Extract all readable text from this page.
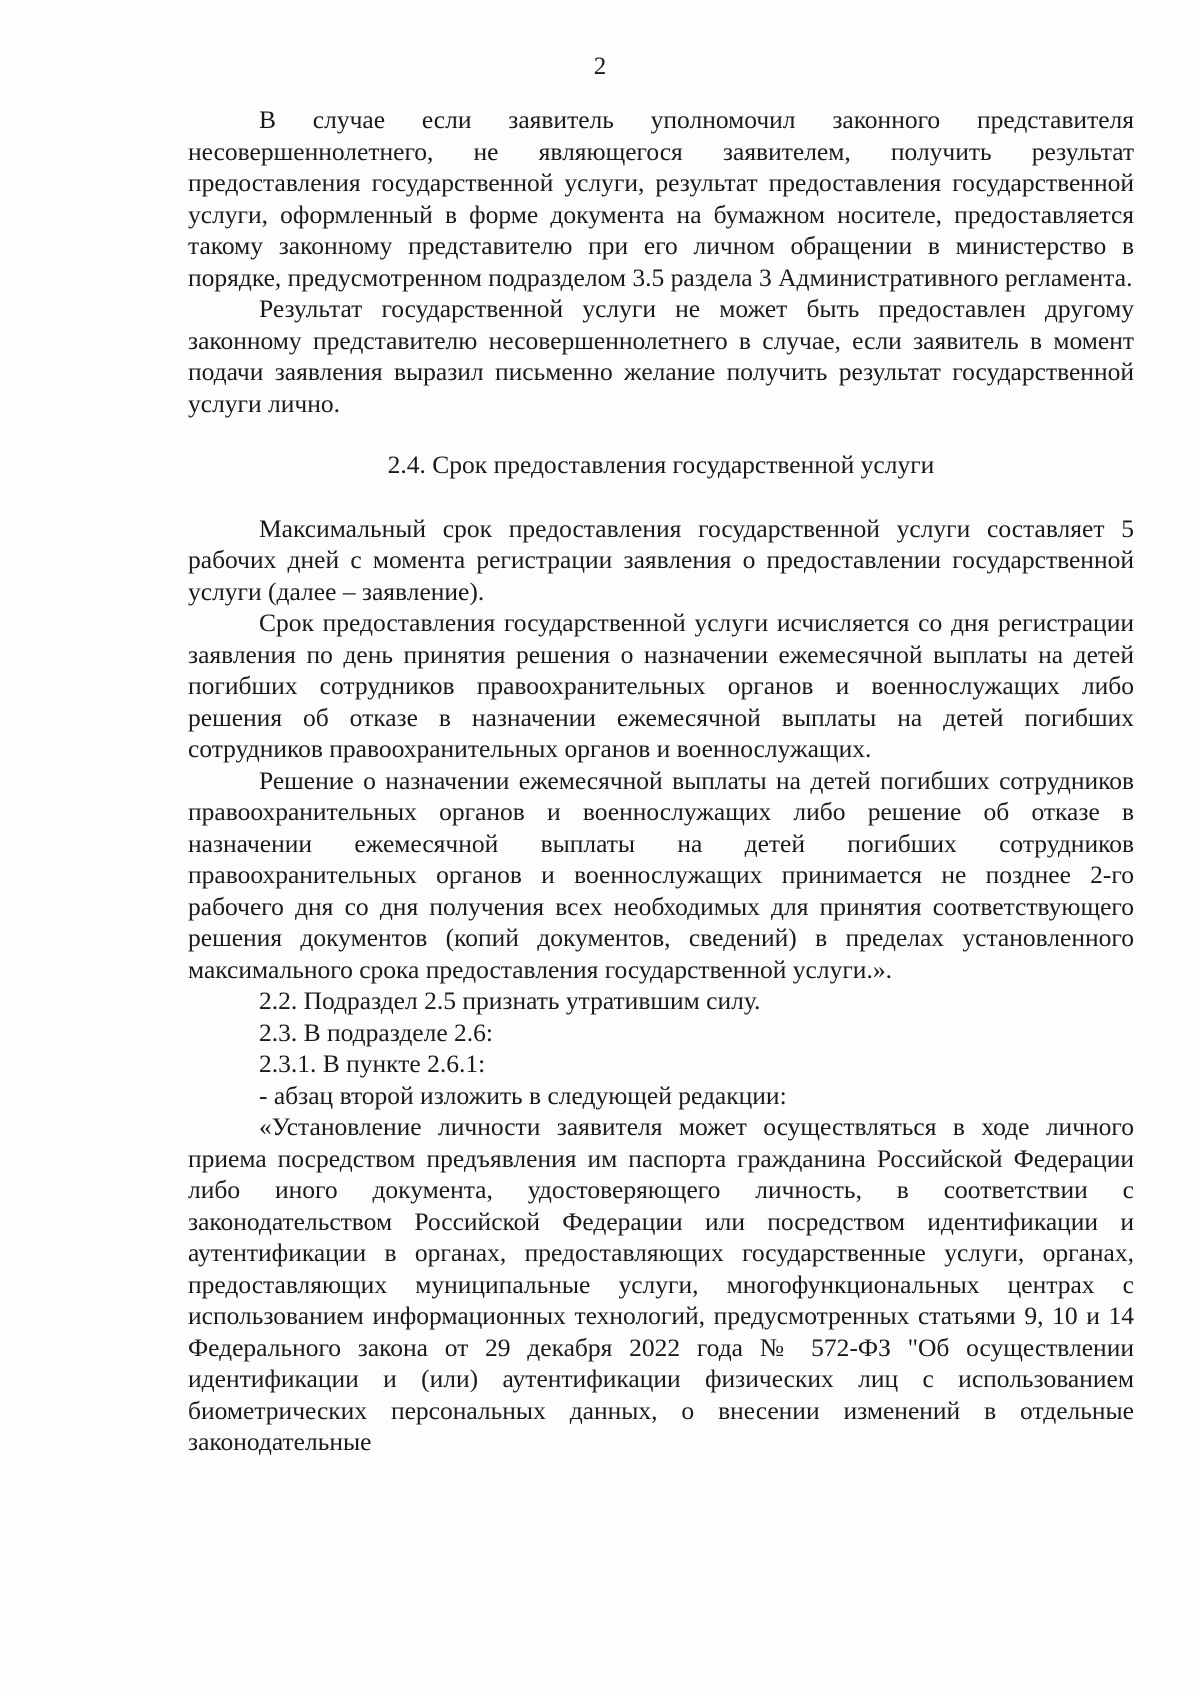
2

В случае если заявитель уполномочил законного представителя несовершеннолетнего, не являющегося заявителем, получить результат предоставления государственной услуги, результат предоставления государственной услуги, оформленный в форме документа на бумажном носителе, предоставляется такому законному представителю при его личном обращении в министерство в порядке, предусмотренном подразделом 3.5 раздела 3 Административного регламента.

Результат государственной услуги не может быть предоставлен другому законному представителю несовершеннолетнего в случае, если заявитель в момент подачи заявления выразил письменно желание получить результат государственной услуги лично.

2.4. Срок предоставления государственной услуги

Максимальный срок предоставления государственной услуги составляет 5 рабочих дней с момента регистрации заявления о предоставлении государственной услуги (далее – заявление).

Срок предоставления государственной услуги исчисляется со дня регистрации заявления по день принятия решения о назначении ежемесячной выплаты на детей погибших сотрудников правоохранительных органов и военнослужащих либо решения об отказе в назначении ежемесячной выплаты на детей погибших сотрудников правоохранительных органов и военнослужащих.

Решение о назначении ежемесячной выплаты на детей погибших сотрудников правоохранительных органов и военнослужащих либо решение об отказе в назначении ежемесячной выплаты на детей погибших сотрудников правоохранительных органов и военнослужащих принимается не позднее 2-го рабочего дня со дня получения всех необходимых для принятия соответствующего решения документов (копий документов, сведений) в пределах установленного максимального срока предоставления государственной услуги.».

2.2. Подраздел 2.5 признать утратившим силу.

2.3. В подразделе 2.6:

2.3.1. В пункте 2.6.1:

- абзац второй изложить в следующей редакции:

«Установление личности заявителя может осуществляться в ходе личного приема посредством предъявления им паспорта гражданина Российской Федерации либо иного документа, удостоверяющего личность, в соответствии с законодательством Российской Федерации или посредством идентификации и аутентификации в органах, предоставляющих государственные услуги, органах, предоставляющих муниципальные услуги, многофункциональных центрах с использованием информационных технологий, предусмотренных статьями 9, 10 и 14 Федерального закона от 29 декабря 2022 года № 572-ФЗ "Об осуществлении идентификации и (или) аутентификации физических лиц с использованием биометрических персональных данных, о внесении изменений в отдельные законодательные
